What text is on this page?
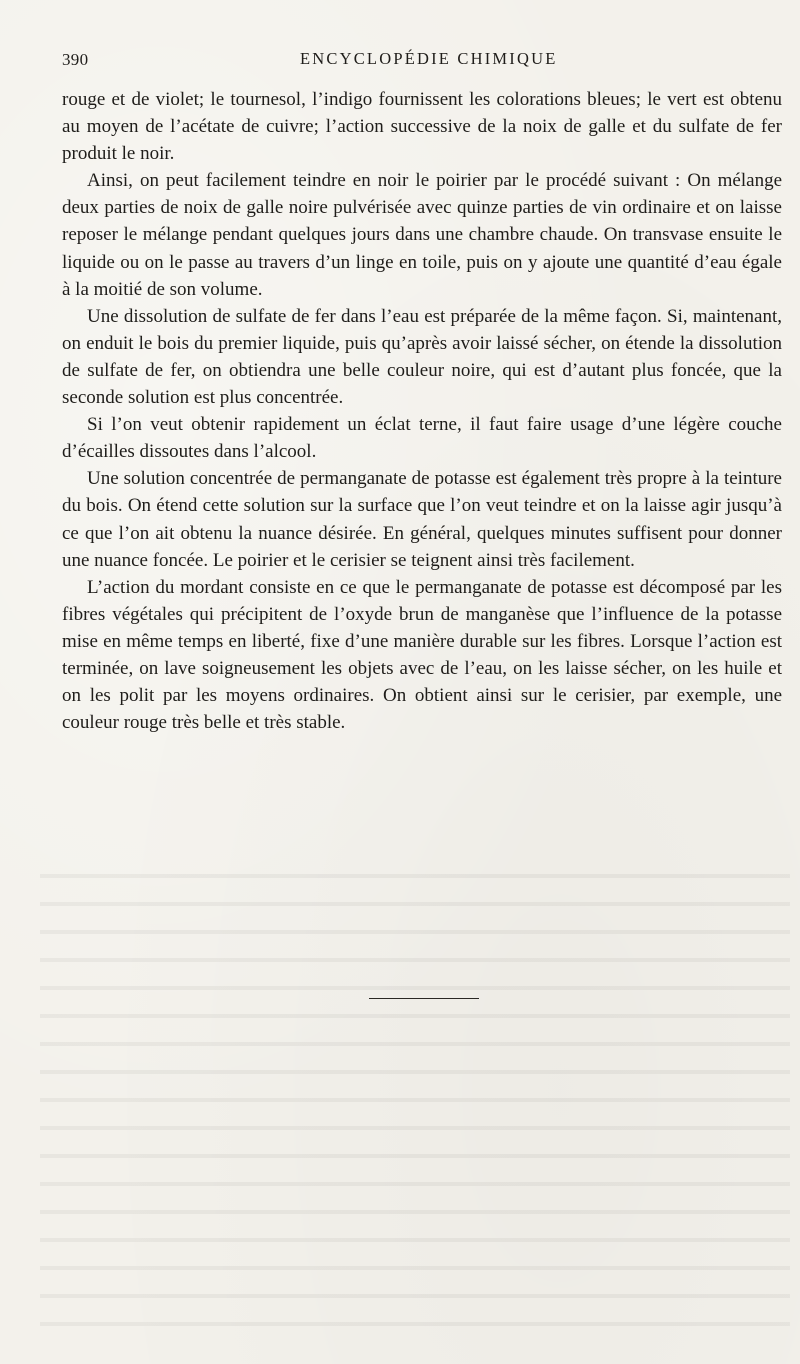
390	ENCYCLOPÉDIE CHIMIQUE

rouge et de violet; le tournesol, l’indigo fournissent les colorations bleues; le vert est obtenu au moyen de l’acétate de cuivre; l’action successive de la noix de galle et du sulfate de fer produit le noir.

Ainsi, on peut facilement teindre en noir le poirier par le procédé suivant : On mélange deux parties de noix de galle noire pulvérisée avec quinze parties de vin ordinaire et on laisse reposer le mélange pendant quelques jours dans une chambre chaude. On transvase ensuite le liquide ou on le passe au travers d’un linge en toile, puis on y ajoute une quantité d’eau égale à la moitié de son volume.

Une dissolution de sulfate de fer dans l’eau est préparée de la même façon. Si, maintenant, on enduit le bois du premier liquide, puis qu’après avoir laissé sécher, on étende la dissolution de sulfate de fer, on obtiendra une belle couleur noire, qui est d’autant plus foncée, que la seconde solution est plus concentrée.

Si l’on veut obtenir rapidement un éclat terne, il faut faire usage d’une légère couche d’écailles dissoutes dans l’alcool.

Une solution concentrée de permanganate de potasse est également très propre à la teinture du bois. On étend cette solution sur la surface que l’on veut teindre et on la laisse agir jusqu’à ce que l’on ait obtenu la nuance désirée. En général, quelques minutes suffisent pour donner une nuance foncée. Le poirier et le cerisier se teignent ainsi très facilement.

L’action du mordant consiste en ce que le permanganate de potasse est décomposé par les fibres végétales qui précipitent de l’oxyde brun de manganèse que l’influence de la potasse mise en même temps en liberté, fixe d’une manière durable sur les fibres. Lorsque l’action est terminée, on lave soigneusement les objets avec de l’eau, on les laisse sécher, on les huile et on les polit par les moyens ordinaires. On obtient ainsi sur le cerisier, par exemple, une couleur rouge très belle et très stable.
